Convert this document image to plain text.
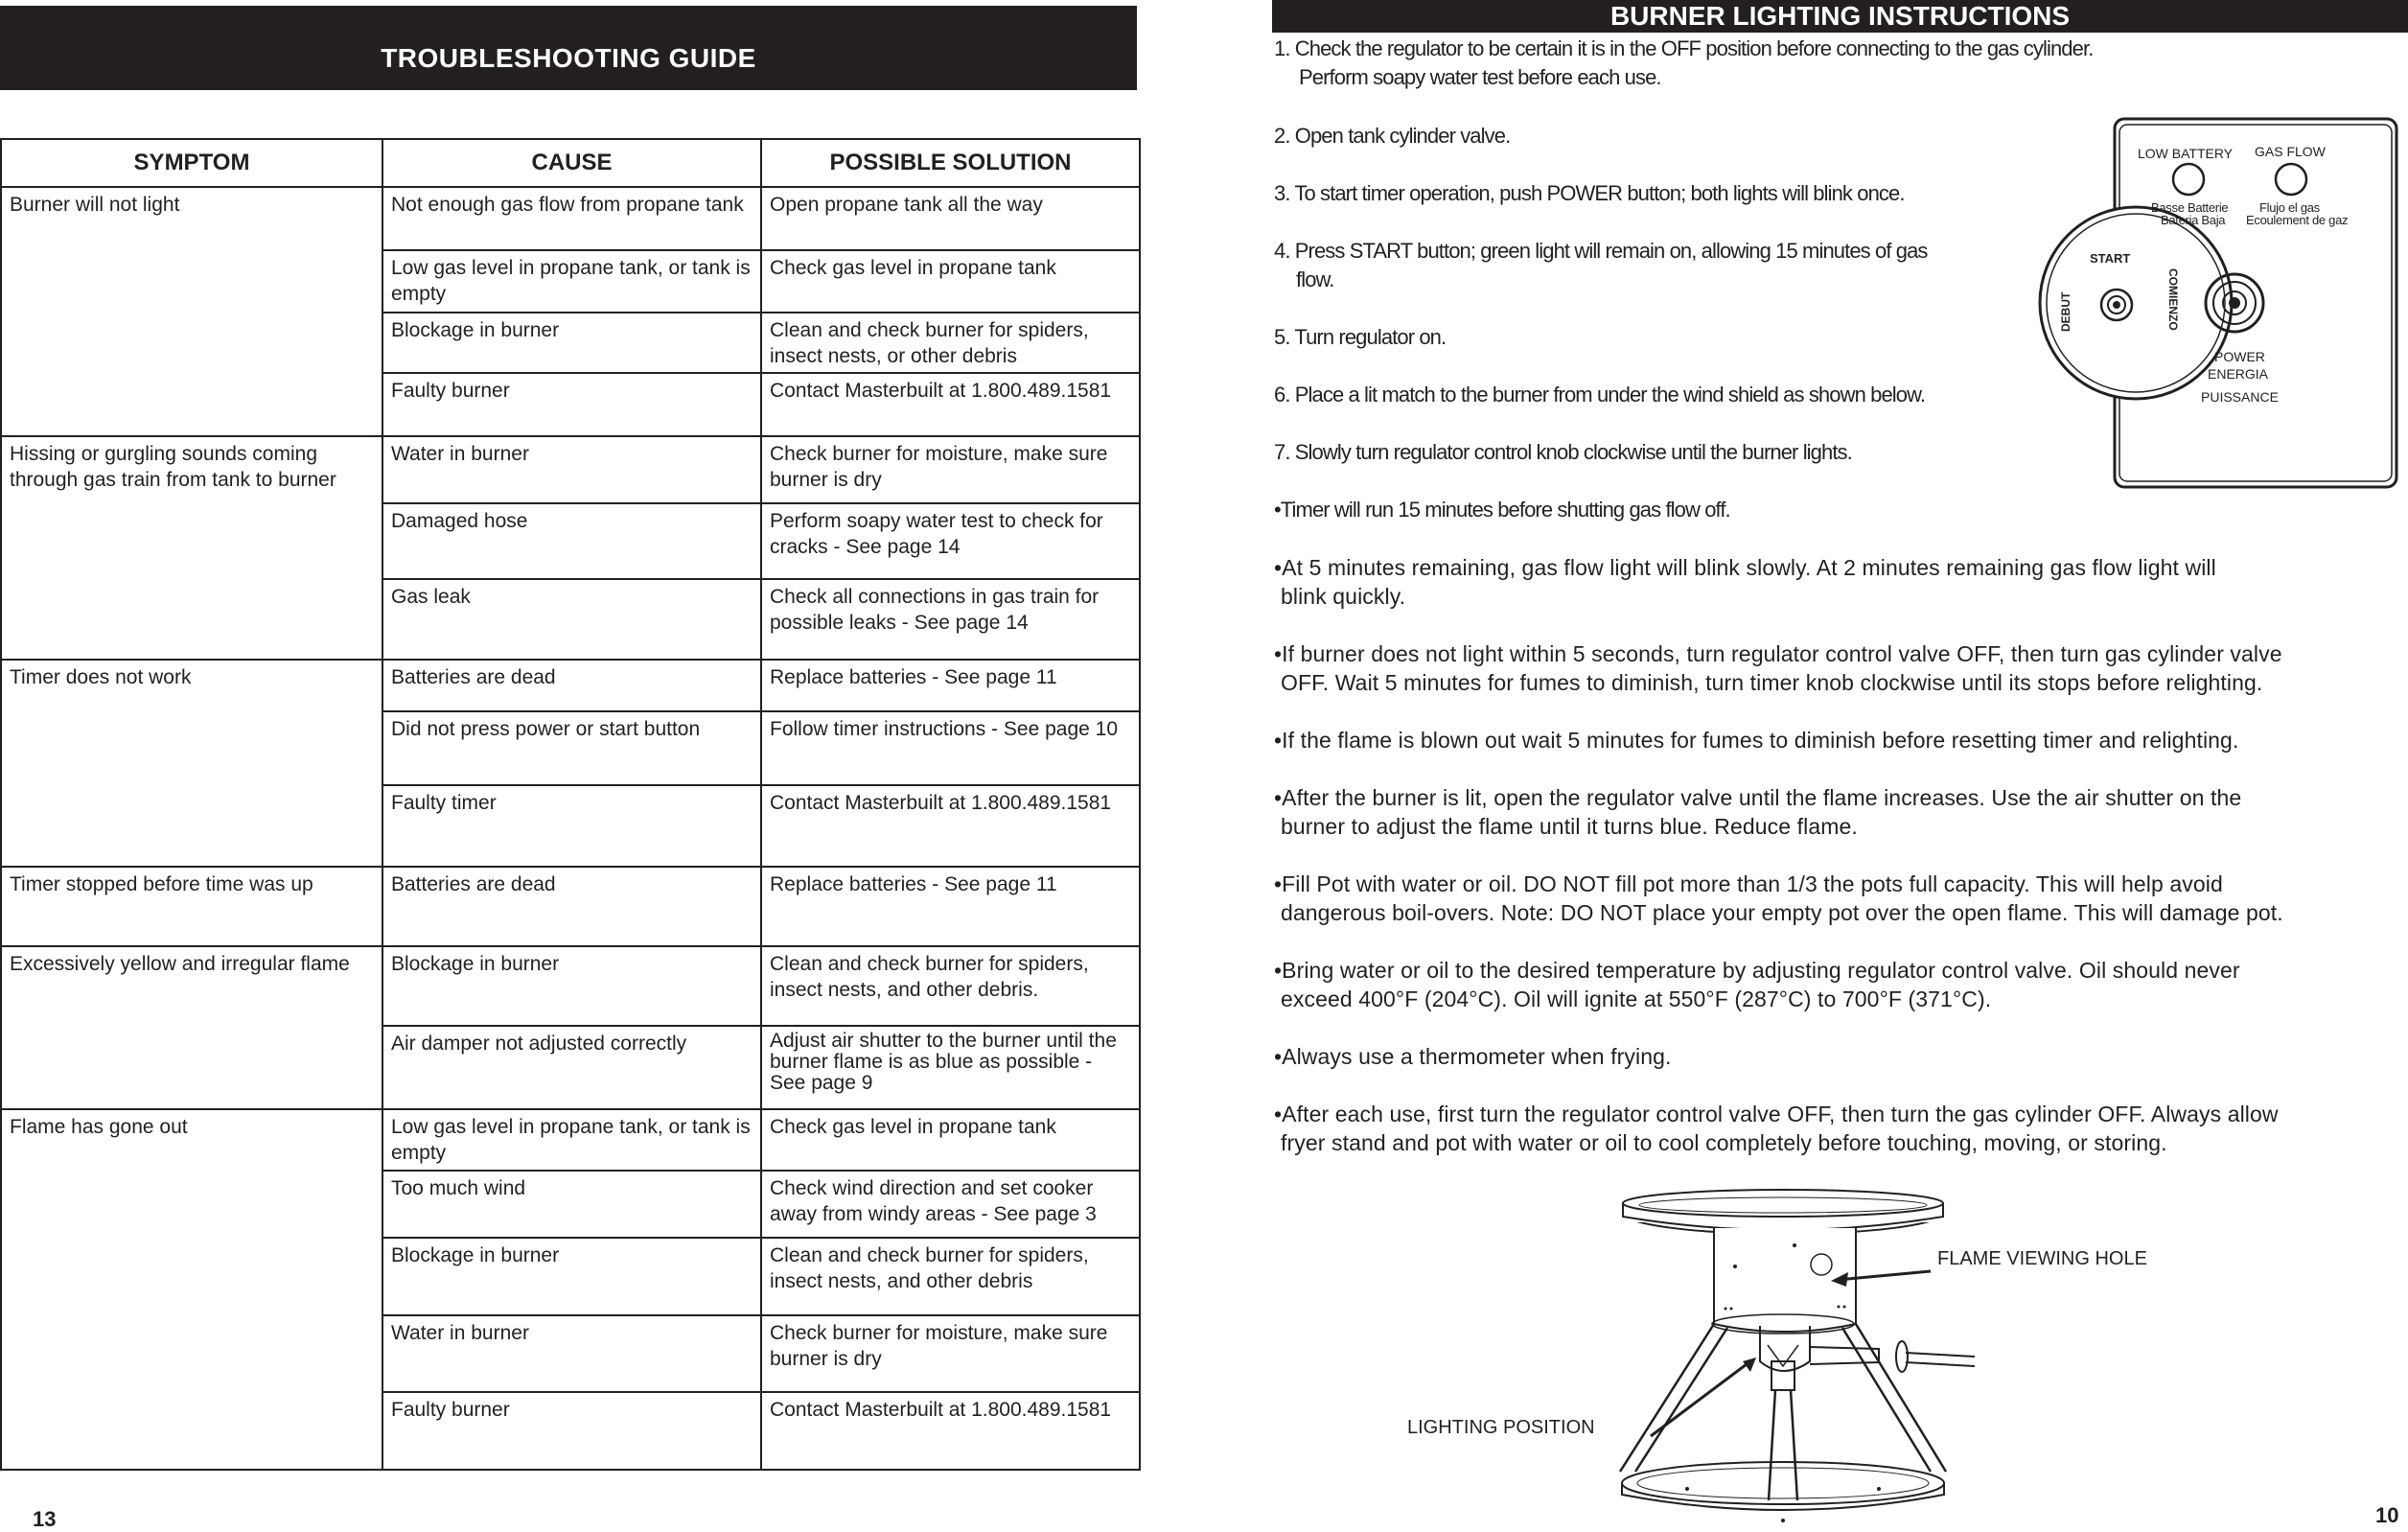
TROUBLESHOOTING GUIDE
SYMPTOM	CAUSE	POSSIBLE SOLUTION
Burner will not light	Not enough gas flow from propane tank	Open propane tank all the way
	Low gas level in propane tank, or tank is empty	Check gas level in propane tank
	Blockage in burner	Clean and check burner for spiders, insect nests, or other debris
	Faulty burner	Contact Masterbuilt at 1.800.489.1581
Hissing or gurgling sounds coming through gas train from tank to burner	Water in burner	Check burner for moisture, make sure burner is dry
	Damaged hose	Perform soapy water test to check for cracks - See page 14
	Gas leak	Check all connections in gas train for possible leaks - See page 14
Timer does not work	Batteries are dead	Replace batteries - See page 11
	Did not press power or start button	Follow timer instructions - See page 10
	Faulty timer	Contact Masterbuilt at 1.800.489.1581
Timer stopped before time was up	Batteries are dead	Replace batteries - See page 11
Excessively yellow and irregular flame	Blockage in burner	Clean and check burner for spiders, insect nests, and other debris.
	Air damper not adjusted correctly	Adjust air shutter to the burner until the burner flame is as blue as possible - See page 9
Flame has gone out	Low gas level in propane tank, or tank is empty	Check gas level in propane tank
	Too much wind	Check wind direction and set cooker away from windy areas - See page 3
	Blockage in burner	Clean and check burner for spiders, insect nests, and other debris
	Water in burner	Check burner for moisture, make sure burner is dry
	Faulty burner	Contact Masterbuilt at 1.800.489.1581
13
BURNER LIGHTING INSTRUCTIONS
1. Check the regulator to be certain it is in the OFF position before connecting to the gas cylinder.
Perform soapy water test before each use.
2. Open tank cylinder valve.
3. To start timer operation, push POWER button; both lights will blink once.
4. Press START button; green light will remain on, allowing 15 minutes of gas
flow.
5. Turn regulator on.
6. Place a lit match to the burner from under the wind shield as shown below.
7. Slowly turn regulator control knob clockwise until the burner lights.
•Timer will run 15 minutes before shutting gas flow off.
•At 5 minutes remaining, gas flow light will blink slowly. At 2 minutes remaining gas flow light will
blink quickly.
•If burner does not light within 5 seconds, turn regulator control valve OFF, then turn gas cylinder valve
OFF. Wait 5 minutes for fumes to diminish, turn timer knob clockwise until its stops before relighting.
•If the flame is blown out wait 5 minutes for fumes to diminish before resetting timer and relighting.
•After the burner is lit, open the regulator valve until the flame increases. Use the air shutter on the
burner to adjust the flame until it turns blue. Reduce flame.
•Fill Pot with water or oil. DO NOT fill pot more than 1/3 the pots full capacity. This will help avoid
dangerous boil-overs. Note: DO NOT place your empty pot over the open flame. This will damage pot.
•Bring water or oil to the desired temperature by adjusting regulator control valve. Oil should never
exceed 400°F (204°C). Oil will ignite at 550°F (287°C) to 700°F (371°C).
•Always use a thermometer when frying.
•After each use, first turn the regulator control valve OFF, then turn the gas cylinder OFF. Always allow
fryer stand and pot with water or oil to cool completely before touching, moving, or storing.
LOW BATTERY GAS FLOW
Basse Batterie
Bateria Baja
Flujo el gas
Ecoulement de gaz
START
DEBUT	COMIENZO
POWER
ENERGIA
PUISSANCE
FLAME VIEWING HOLE
LIGHTING POSITION
10
